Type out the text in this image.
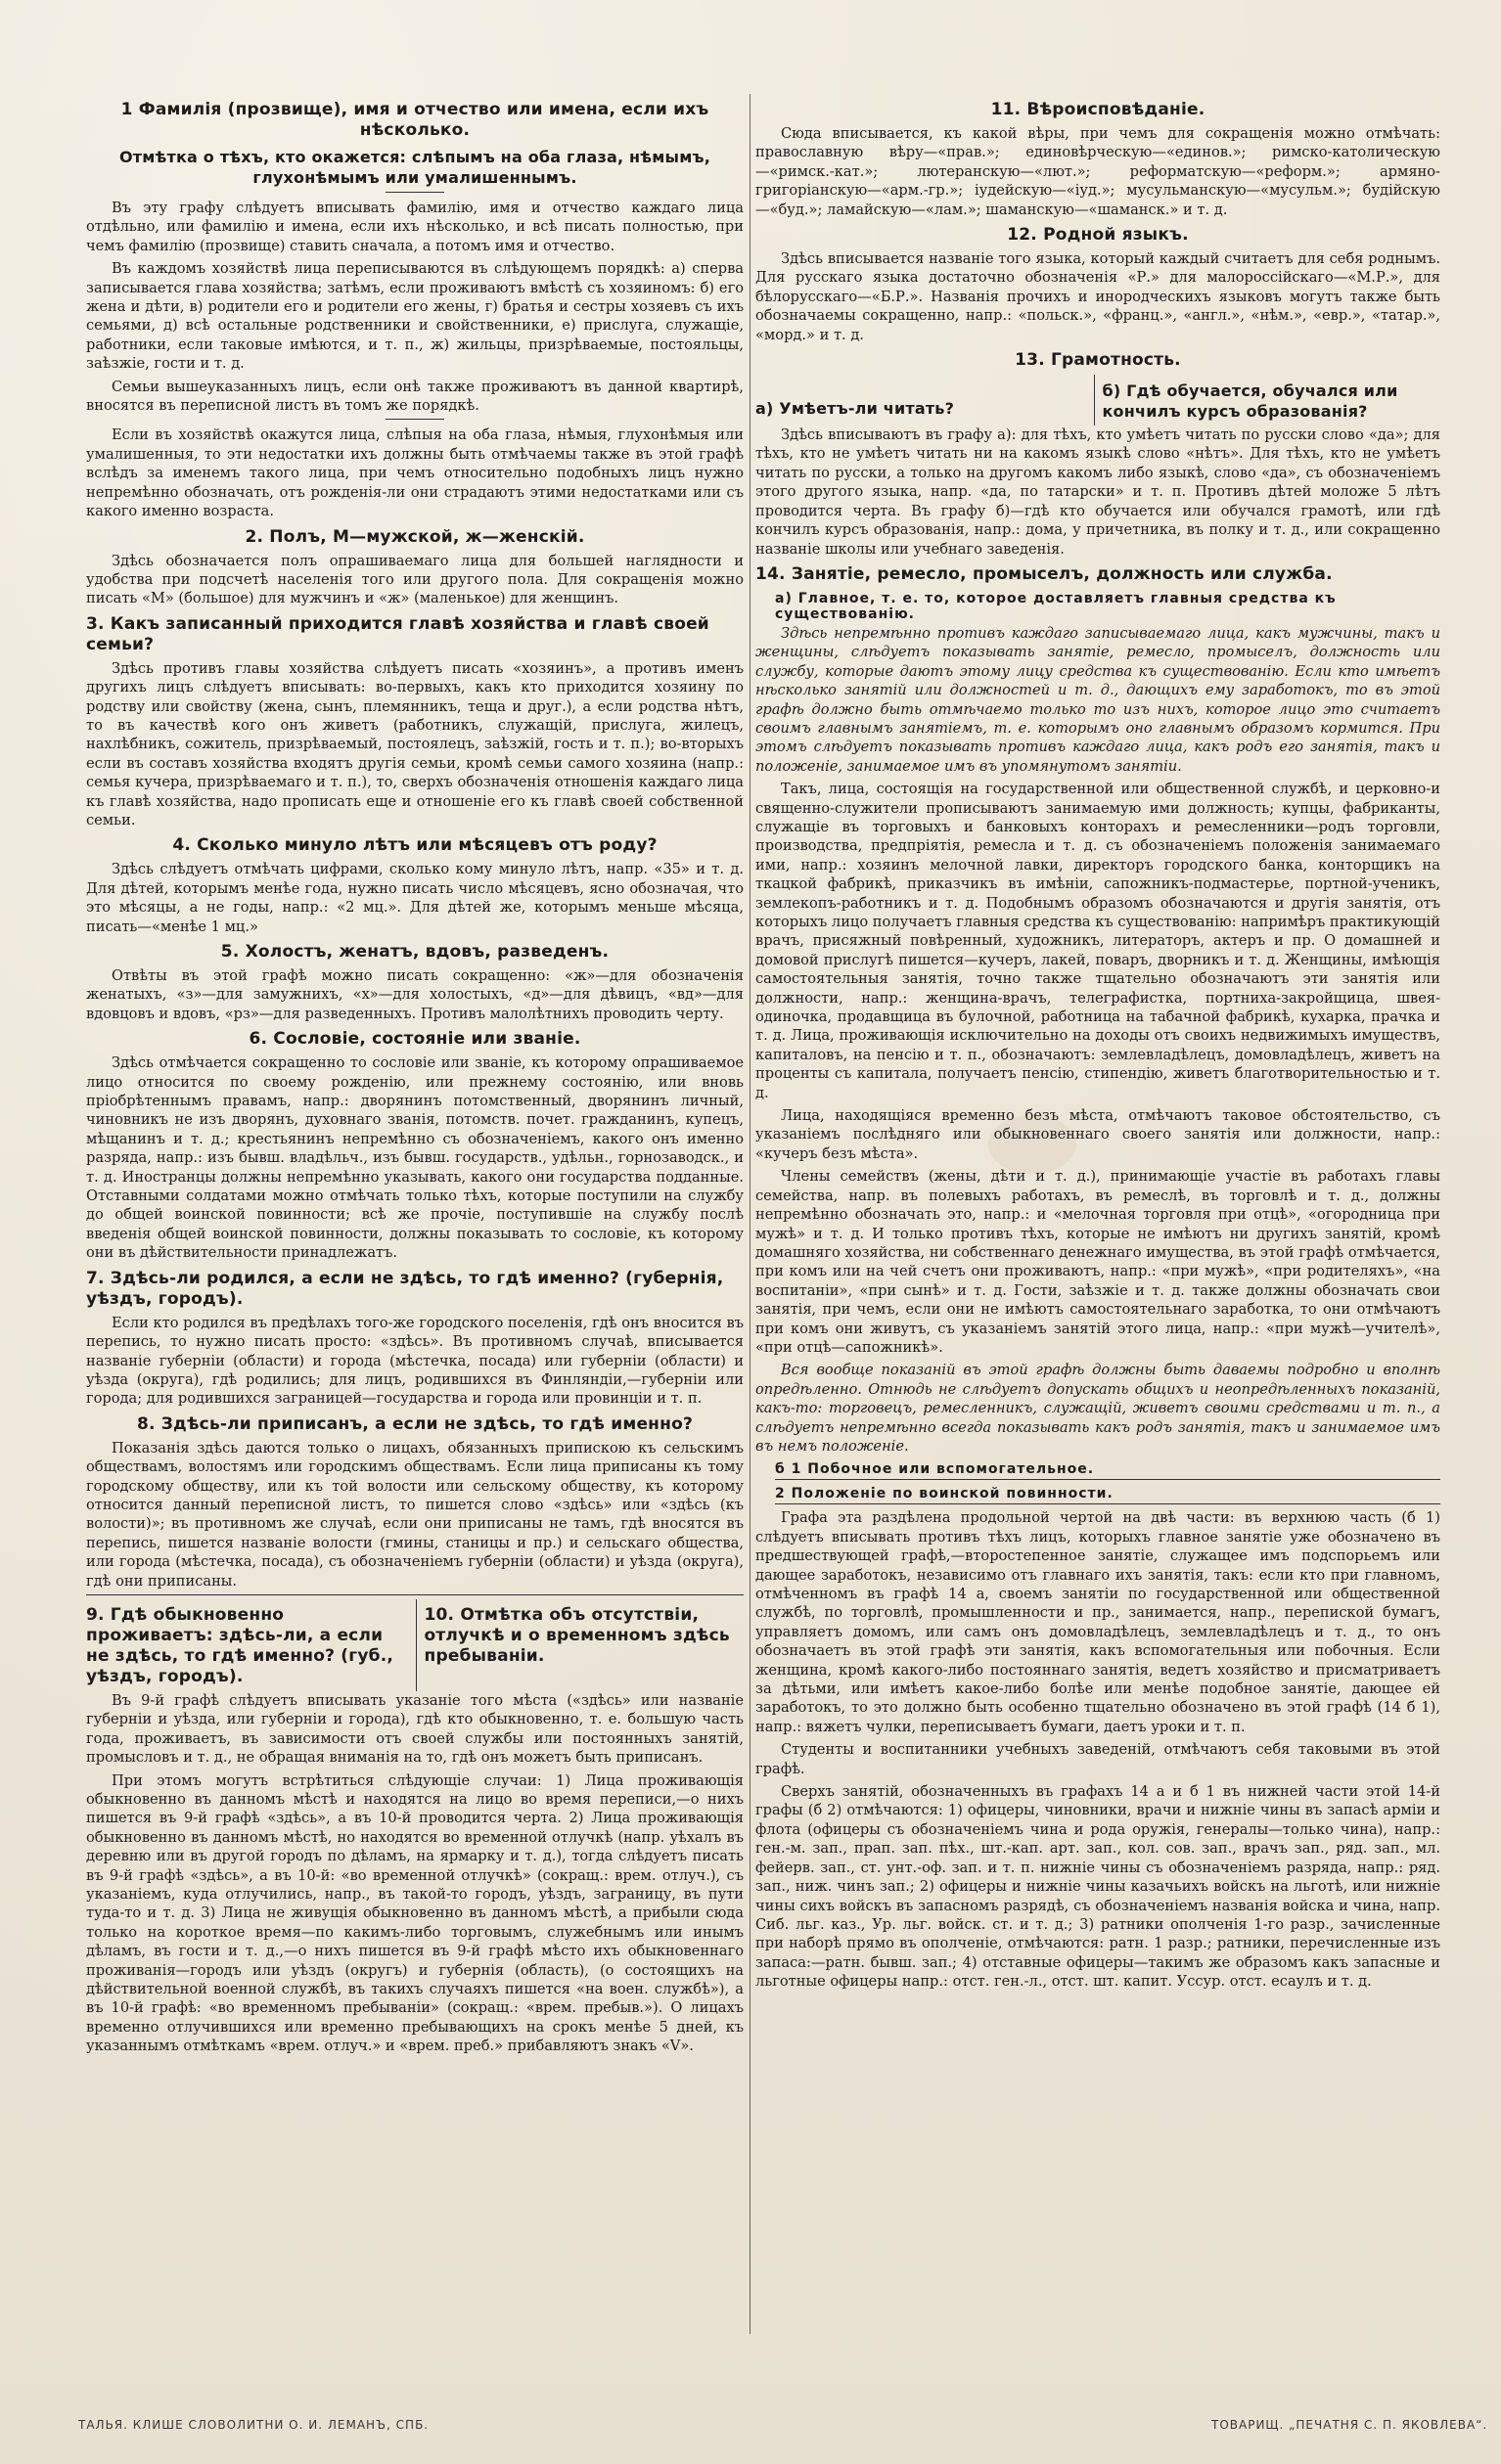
1 Фамилія (прозвище), имя и отчество или имена, если ихъ нѣсколько.
Отмѣтка о тѣхъ, кто окажется: слѣпымъ на оба глаза, нѣмымъ, глухонѣмымъ или умалишеннымъ.

Въ эту графу слѣдуетъ вписывать фамилію, имя и отчество каждаго лица отдѣльно, или фамилію и имена, если ихъ нѣсколько, и всѣ писать полностью, при чемъ фамилію (прозвище) ставить сначала, а потомъ имя и отчество.

Въ каждомъ хозяйствѣ лица переписываются въ слѣдующемъ порядкѣ: а) сперва записывается глава хозяйства; затѣмъ, если проживаютъ вмѣстѣ съ хозяиномъ: б) его жена и дѣти, в) родители его и родители его жены, г) братья и сестры хозяевъ съ ихъ семьями, д) всѣ остальные родственники и свойственники, е) прислуга, служащіе, работники, если таковые имѣются, и т. п., ж) жильцы, призрѣваемые, постояльцы, заѣзжіе, гости и т. д.

Семьи вышеуказанныхъ лицъ, если онѣ также проживаютъ въ данной квартирѣ, вносятся въ переписной листъ въ томъ же порядкѣ.

Если въ хозяйствѣ окажутся лица, слѣпыя на оба глаза, нѣмыя, глухонѣмыя или умалишенныя, то эти недостатки ихъ должны быть отмѣчаемы также въ этой графѣ вслѣдъ за именемъ такого лица, при чемъ относительно подобныхъ лицъ нужно непремѣнно обозначать, отъ рожденія-ли они страдаютъ этими недостатками или съ какого именно возраста.

2. Полъ, М—мужской, ж—женскій.

Здѣсь обозначается полъ опрашиваемаго лица для большей наглядности и удобства при подсчетѣ населенія того или другого пола. Для сокращенія можно писать «М» (большое) для мужчинъ и «ж» (маленькое) для женщинъ.

3. Какъ записанный приходится главѣ хозяйства и главѣ своей семьи?

Здѣсь противъ главы хозяйства слѣдуетъ писать «хозяинъ», а противъ именъ другихъ лицъ слѣдуетъ вписывать: во-первыхъ, какъ кто приходится хозяину по родству или свойству (жена, сынъ, племянникъ, теща и друг.), а если родства нѣтъ, то въ качествѣ кого онъ живетъ (работникъ, служащій, прислуга, жилецъ, нахлѣбникъ, сожитель, призрѣваемый, постоялецъ, заѣзжій, гость и т. п.); во-вторыхъ если въ составъ хозяйства входятъ другія семьи, кромѣ семьи самого хозяина (напр.: семья кучера, призрѣваемаго и т. п.), то, сверхъ обозначенія отношенія каждаго лица къ главѣ хозяйства, надо прописать еще и отношеніе его къ главѣ своей собственной семьи.

4. Сколько минуло лѣтъ или мѣсяцевъ отъ роду?

Здѣсь слѣдуетъ отмѣчать цифрами, сколько кому минуло лѣтъ, напр. «35» и т. д. Для дѣтей, которымъ менѣе года, нужно писать число мѣсяцевъ, ясно обозначая, что это мѣсяцы, а не годы, напр.: «2 мц.». Для дѣтей же, которымъ меньше мѣсяца, писать—«менѣе 1 мц.»

5. Холостъ, женатъ, вдовъ, разведенъ.

Отвѣты въ этой графѣ можно писать сокращенно: «ж»—для обозначенія женатыхъ, «з»—для замужнихъ, «х»—для холостыхъ, «д»—для дѣвицъ, «вд»—для вдовцовъ и вдовъ, «рз»—для разведенныхъ. Противъ малолѣтнихъ проводить черту.

6. Сословіе, состояніе или званіе.

Здѣсь отмѣчается сокращенно то сословіе или званіе, къ которому опрашиваемое лицо относится по своему рожденію, или прежнему состоянію, или вновь пріобрѣтеннымъ правамъ, напр.: дворянинъ потомственный, дворянинъ личный, чиновникъ не изъ дворянъ, духовнаго званія, потомств. почет. гражданинъ, купецъ, мѣщанинъ и т. д.; крестьянинъ непремѣнно съ обозначеніемъ, какого онъ именно разряда, напр.: изъ бывш. владѣльч., изъ бывш. государств., удѣльн., горнозаводск., и т. д. Иностранцы должны непремѣнно указывать, какого они государства подданные. Отставными солдатами можно отмѣчать только тѣхъ, которые поступили на службу до общей воинской повинности; всѣ же прочіе, поступившіе на службу послѣ введенія общей воинской повинности, должны показывать то сословіе, къ которому они въ дѣйствительности принадлежатъ.

7. Здѣсь-ли родился, а если не здѣсь, то гдѣ именно? (губернія, уѣздъ, городъ).

Если кто родился въ предѣлахъ того-же городского поселенія, гдѣ онъ вносится въ перепись, то нужно писать просто: «здѣсь». Въ противномъ случаѣ, вписывается названіе губерніи (области) и города (мѣстечка, посада) или губерніи (области) и уѣзда (округа), гдѣ родились; для лицъ, родившихся въ Финляндіи,—губерніи или города; для родившихся заграницей—государства и города или провинціи и т. п.

8. Здѣсь-ли приписанъ, а если не здѣсь, то гдѣ именно?

Показанія здѣсь даются только о лицахъ, обязанныхъ припискою къ сельскимъ обществамъ, волостямъ или городскимъ обществамъ. Если лица приписаны къ тому городскому обществу, или къ той волости или сельскому обществу, къ которому относится данный переписной листъ, то пишется слово «здѣсь» или «здѣсь (къ волости)»; въ противномъ же случаѣ, если они приписаны не тамъ, гдѣ вносятся въ перепись, пишется названіе волости (гмины, станицы и пр.) и сельскаго общества, или города (мѣстечка, посада), съ обозначеніемъ губерніи (области) и уѣзда (округа), гдѣ они приписаны.

9. Гдѣ обыкновенно проживаетъ: здѣсь-ли, а если не здѣсь, то гдѣ именно? (губ., уѣздъ, городъ).
10. Отмѣтка объ отсутствіи, отлучкѣ и о временномъ здѣсь пребываніи.

Въ 9-й графѣ слѣдуетъ вписывать указаніе того мѣста («здѣсь» или названіе губерніи и уѣзда, или губерніи и города), гдѣ кто обыкновенно, т. е. большую часть года, проживаетъ, въ зависимости отъ своей службы или постоянныхъ занятій, промысловъ и т. д., не обращая вниманія на то, гдѣ онъ можетъ быть приписанъ.

При этомъ могутъ встрѣтиться слѣдующіе случаи: 1) Лица проживающія обыкновенно въ данномъ мѣстѣ и находятся на лицо во время переписи,—о нихъ пишется въ 9-й графѣ «здѣсь», а въ 10-й проводится черта. 2) Лица проживающія обыкновенно въ данномъ мѣстѣ, но находятся во временной отлучкѣ (напр. уѣхалъ въ деревню или въ другой городъ по дѣламъ, на ярмарку и т. д.), тогда слѣдуетъ писать въ 9-й графѣ «здѣсь», а въ 10-й: «во временной отлучкѣ» (сокращ.: врем. отлуч.), съ указаніемъ, куда отлучились, напр., въ такой-то городъ, уѣздъ, заграницу, въ пути туда-то и т. д. 3) Лица не живущія обыкновенно въ данномъ мѣстѣ, а прибыли сюда только на короткое время—по какимъ-либо торговымъ, служебнымъ или инымъ дѣламъ, въ гости и т. д.,—о нихъ пишется въ 9-й графѣ мѣсто ихъ обыкновеннаго проживанія—городъ или уѣздъ (округъ) и губернія (область), (о состоящихъ на дѣйствительной военной службѣ, въ такихъ случаяхъ пишется «на воен. службѣ»), а въ 10-й графѣ: «во временномъ пребываніи» (сокращ.: «врем. пребыв.»). О лицахъ временно отлучившихся или временно пребывающихъ на срокъ менѣе 5 дней, къ указаннымъ отмѣткамъ «врем. отлуч.» и «врем. преб.» прибавляютъ знакъ «V».

11. Вѣроисповѣданіе.

Сюда вписывается, къ какой вѣры, при чемъ для сокращенія можно отмѣчать: православную вѣру—«прав.»; единовѣрческую—«единов.»; римско-католическую—«римск.-кат.»; лютеранскую—«лют.»; реформатскую—«реформ.»; армяно-григоріанскую—«арм.-гр.»; іудейскую—«іуд.»; мусульманскую—«мусульм.»; будійскую—«буд.»; ламайскую—«лам.»; шаманскую—«шаманск.» и т. д.

12. Родной языкъ.

Здѣсь вписывается названіе того языка, который каждый считаетъ для себя роднымъ. Для русскаго языка достаточно обозначенія «Р.» для малороссійскаго—«М.Р.», для бѣлорусскаго—«Б.Р.». Названія прочихъ и инородческихъ языковъ могутъ также быть обозначаемы сокращенно, напр.: «польск.», «франц.», «англ.», «нѣм.», «евр.», «татар.», «морд.» и т. д.

13. Грамотность.
а) Умѣетъ-ли читать?
б) Гдѣ обучается, обучался или кончилъ курсъ образованія?

Здѣсь вписываютъ въ графу а): для тѣхъ, кто умѣетъ читать по русски слово «да»; для тѣхъ, кто не умѣетъ читать ни на какомъ языкѣ слово «нѣтъ». Для тѣхъ, кто не умѣетъ читать по русски, а только на другомъ какомъ либо языкѣ, слово «да», съ обозначеніемъ этого другого языка, напр. «да, по татарски» и т. п. Противъ дѣтей моложе 5 лѣтъ проводится черта. Въ графу б)—гдѣ кто обучается или обучался грамотѣ, или гдѣ кончилъ курсъ образованія, напр.: дома, у причетника, въ полку и т. д., или сокращенно названіе школы или учебнаго заведенія.

14. Занятіе, ремесло, промыселъ, должность или служба.
а) Главное, т. е. то, которое доставляетъ главныя средства къ существованію.

Здѣсь непремѣнно противъ каждаго записываемаго лица, какъ мужчины, такъ и женщины, слѣдуетъ показывать занятіе, ремесло, промыселъ, должность или службу, которые даютъ этому лицу средства къ существованію. Если кто имѣетъ нѣсколько занятій или должностей и т. д., дающихъ ему заработокъ, то въ этой графѣ должно быть отмѣчаемо только то изъ нихъ, которое лицо это считаетъ своимъ главнымъ занятіемъ, т. е. которымъ оно главнымъ образомъ кормится. При этомъ слѣдуетъ показывать противъ каждаго лица, какъ родъ его занятія, такъ и положеніе, занимаемое имъ въ упомянутомъ занятіи.

Такъ, лица, состоящія на государственной или общественной службѣ, и церковно-и священно-служители прописываютъ занимаемую ими должность; купцы, фабриканты, служащіе въ торговыхъ и банковыхъ конторахъ и ремесленники—родъ торговли, производства, предпріятія, ремесла и т. д. съ обозначеніемъ положенія занимаемаго ими, напр.: хозяинъ мелочной лавки, директоръ городского банка, конторщикъ на ткацкой фабрикѣ, приказчикъ въ имѣніи, сапожникъ-подмастерье, портной-ученикъ, землекопъ-работникъ и т. д. Подобнымъ образомъ обозначаются и другія занятія, отъ которыхъ лицо получаетъ главныя средства къ существованію: напримѣръ практикующій врачъ, присяжный повѣренный, художникъ, литераторъ, актеръ и пр. О домашней и домовой прислугѣ пишется—кучеръ, лакей, поваръ, дворникъ и т. д. Женщины, имѣющія самостоятельныя занятія, точно также тщательно обозначаютъ эти занятія или должности, напр.: женщина-врачъ, телеграфистка, портниха-закройщица, швея-одиночка, продавщица въ булочной, работница на табачной фабрикѣ, кухарка, прачка и т. д. Лица, проживающія исключительно на доходы отъ своихъ недвижимыхъ имуществъ, капиталовъ, на пенсію и т. п., обозначаютъ: землевладѣлецъ, домовладѣлецъ, живетъ на проценты съ капитала, получаетъ пенсію, стипендію, живетъ благотворительностью и т. д.

Лица, находящіяся временно безъ мѣста, отмѣчаютъ таковое обстоятельство, съ указаніемъ послѣдняго или обыкновеннаго своего занятія или должности, напр.: «кучеръ безъ мѣста».

Члены семействъ (жены, дѣти и т. д.), принимающіе участіе въ работахъ главы семейства, напр. въ полевыхъ работахъ, въ ремеслѣ, въ торговлѣ и т. д., должны непремѣнно обозначать это, напр.: и «мелочная торговля при отцѣ», «огородница при мужѣ» и т. д. И только противъ тѣхъ, которые не имѣютъ ни другихъ занятій, кромѣ домашняго хозяйства, ни собственнаго денежнаго имущества, въ этой графѣ отмѣчается, при комъ или на чей счетъ они проживаютъ, напр.: «при мужѣ», «при родителяхъ», «на воспитаніи», «при сынѣ» и т. д. Гости, заѣзжіе и т. д. также должны обозначать свои занятія, при чемъ, если они не имѣютъ самостоятельнаго заработка, то они отмѣчаютъ при комъ они живутъ, съ указаніемъ занятій этого лица, напр.: «при мужѣ—учителѣ», «при отцѣ—сапожникѣ».

Вся вообще показаній въ этой графѣ должны быть даваемы подробно и вполнѣ опредѣленно. Отнюдь не слѣдуетъ допускать общихъ и неопредѣленныхъ показаній, какъ-то: торговецъ, ремесленникъ, служащій, живетъ своими средствами и т. п., а слѣдуетъ непремѣнно всегда показывать какъ родъ занятія, такъ и занимаемое имъ въ немъ положеніе.

б 1 Побочное или вспомогательное.
2 Положеніе по воинской повинности.

Графа эта раздѣлена продольной чертой на двѣ части: въ верхнюю часть (б 1) слѣдуетъ вписывать противъ тѣхъ лицъ, которыхъ главное занятіе уже обозначено въ предшествующей графѣ,—второстепенное занятіе, служащее имъ подспорьемъ или дающее заработокъ, независимо отъ главнаго ихъ занятія, такъ: если кто при главномъ, отмѣченномъ въ графѣ 14 а, своемъ занятіи по государственной или общественной службѣ, по торговлѣ, промышленности и пр., занимается, напр., перепиской бумагъ, управляетъ домомъ, или самъ онъ домовладѣлецъ, землевладѣлецъ и т. д., то онъ обозначаетъ въ этой графѣ эти занятія, какъ вспомогательныя или побочныя. Если женщина, кромѣ какого-либо постояннаго занятія, ведетъ хозяйство и присматриваетъ за дѣтьми, или имѣетъ какое-либо болѣе или менѣе подобное занятіе, дающее ей заработокъ, то это должно быть особенно тщательно обозначено въ этой графѣ (14 б 1), напр.: вяжетъ чулки, переписываетъ бумаги, даетъ уроки и т. п.

Студенты и воспитанники учебныхъ заведеній, отмѣчаютъ себя таковыми въ этой графѣ.

Сверхъ занятій, обозначенныхъ въ графахъ 14 а и б 1 въ нижней части этой 14-й графы (б 2) отмѣчаются: 1) офицеры, чиновники, врачи и нижніе чины въ запасѣ арміи и флота (офицеры съ обозначеніемъ чина и рода оружія, генералы—только чина), напр.: ген.-м. зап., прап. зап. пѣх., шт.-кап. арт. зап., кол. сов. зап., врачъ зап., ряд. зап., мл. фейерв. зап., ст. унт.-оф. зап. и т. п. нижніе чины съ обозначеніемъ разряда, напр.: ряд. зап., ниж. чинъ зап.; 2) офицеры и нижніе чины казачьихъ войскъ на льготѣ, или нижніе чины сихъ войскъ въ запасномъ разрядѣ, съ обозначеніемъ названія войска и чина, напр. Сиб. льг. каз., Ур. льг. войск. ст. и т. д.; 3) ратники ополченія 1-го разр., зачисленные при наборѣ прямо въ ополченіе, отмѣчаются: ратн. 1 разр.; ратники, перечисленные изъ запаса:—ратн. бывш. зап.; 4) отставные офицеры—такимъ же образомъ какъ запасные и льготные офицеры напр.: отст. ген.-л., отст. шт. капит. Уссур. отст. есаулъ и т. д.

ТАЛЬЯ. КЛИШЕ СЛОВОЛИТНИ О. И. ЛЕМАНЪ, СПБ.	ТОВАРИЩ. „ПЕЧАТНЯ С. П. ЯКОВЛЕВА“.
